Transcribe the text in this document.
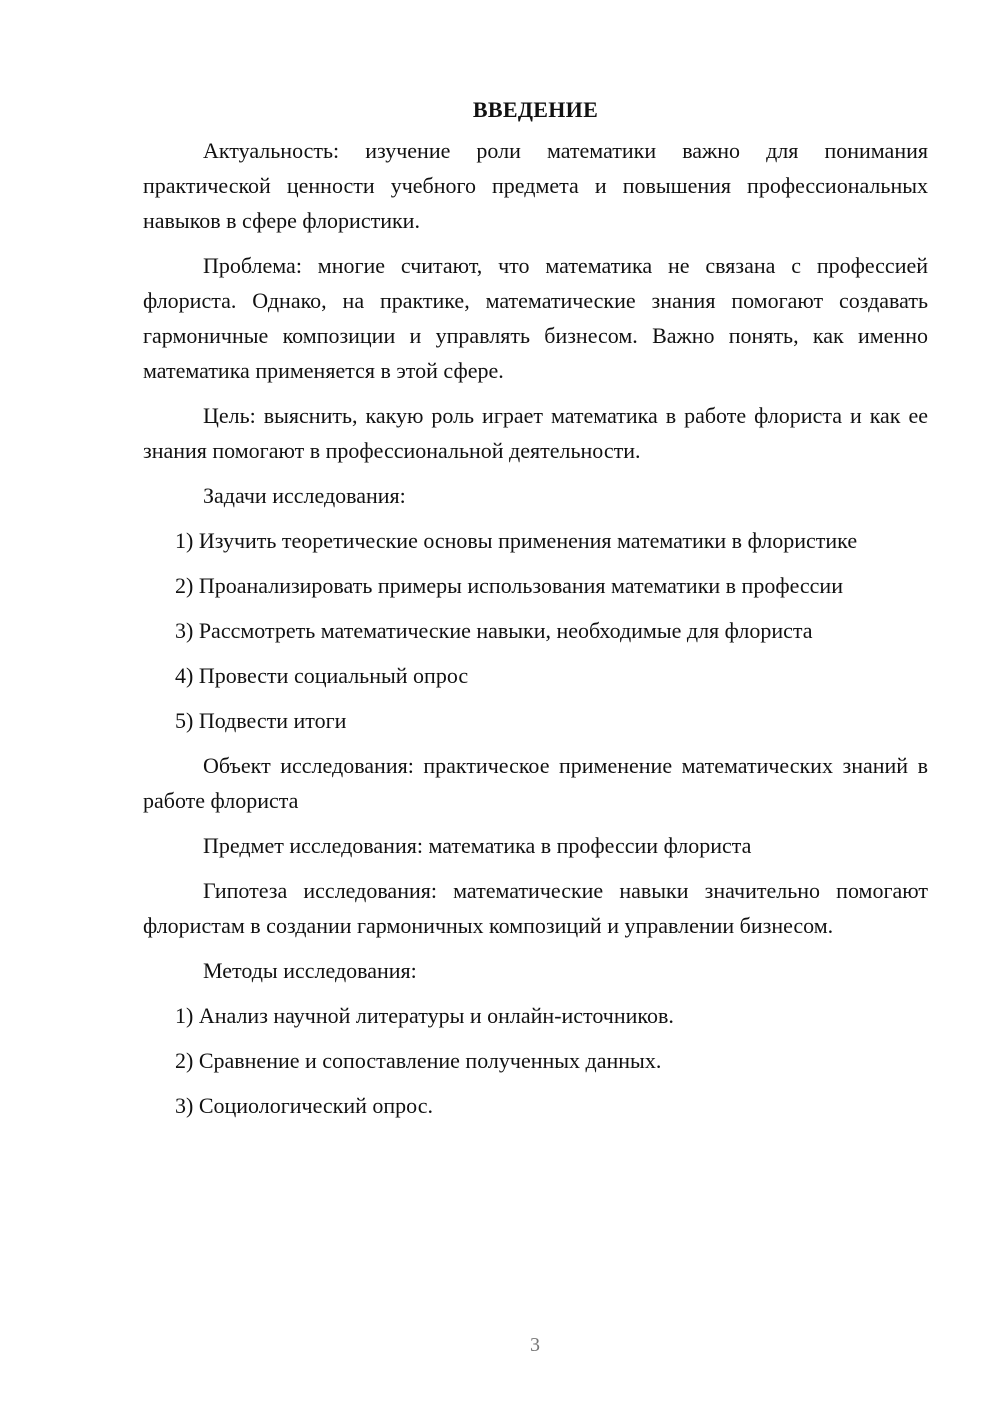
ВВЕДЕНИЕ

Актуальность: изучение роли математики важно для понимания практической ценности учебного предмета и повышения профессиональных навыков в сфере флористики.

Проблема: многие считают, что математика не связана с профессией флориста. Однако, на практике, математические знания помогают создавать гармоничные композиции и управлять бизнесом. Важно понять, как именно математика применяется в этой сфере.

Цель: выяснить, какую роль играет математика в работе флориста и как ее знания помогают в профессиональной деятельности.

Задачи исследования:

1) Изучить теоретические основы применения математики в флористике

2) Проанализировать примеры использования математики в профессии

3) Рассмотреть математические навыки, необходимые для флориста

4) Провести социальный опрос

5) Подвести итоги

Объект исследования: практическое применение математических знаний в работе флориста

Предмет исследования: математика в профессии флориста

Гипотеза исследования: математические навыки значительно помогают флористам в создании гармоничных композиций и управлении бизнесом.

Методы исследования:

1) Анализ научной литературы и онлайн-источников.

2) Сравнение и сопоставление полученных данных.

3) Социологический опрос.

3
